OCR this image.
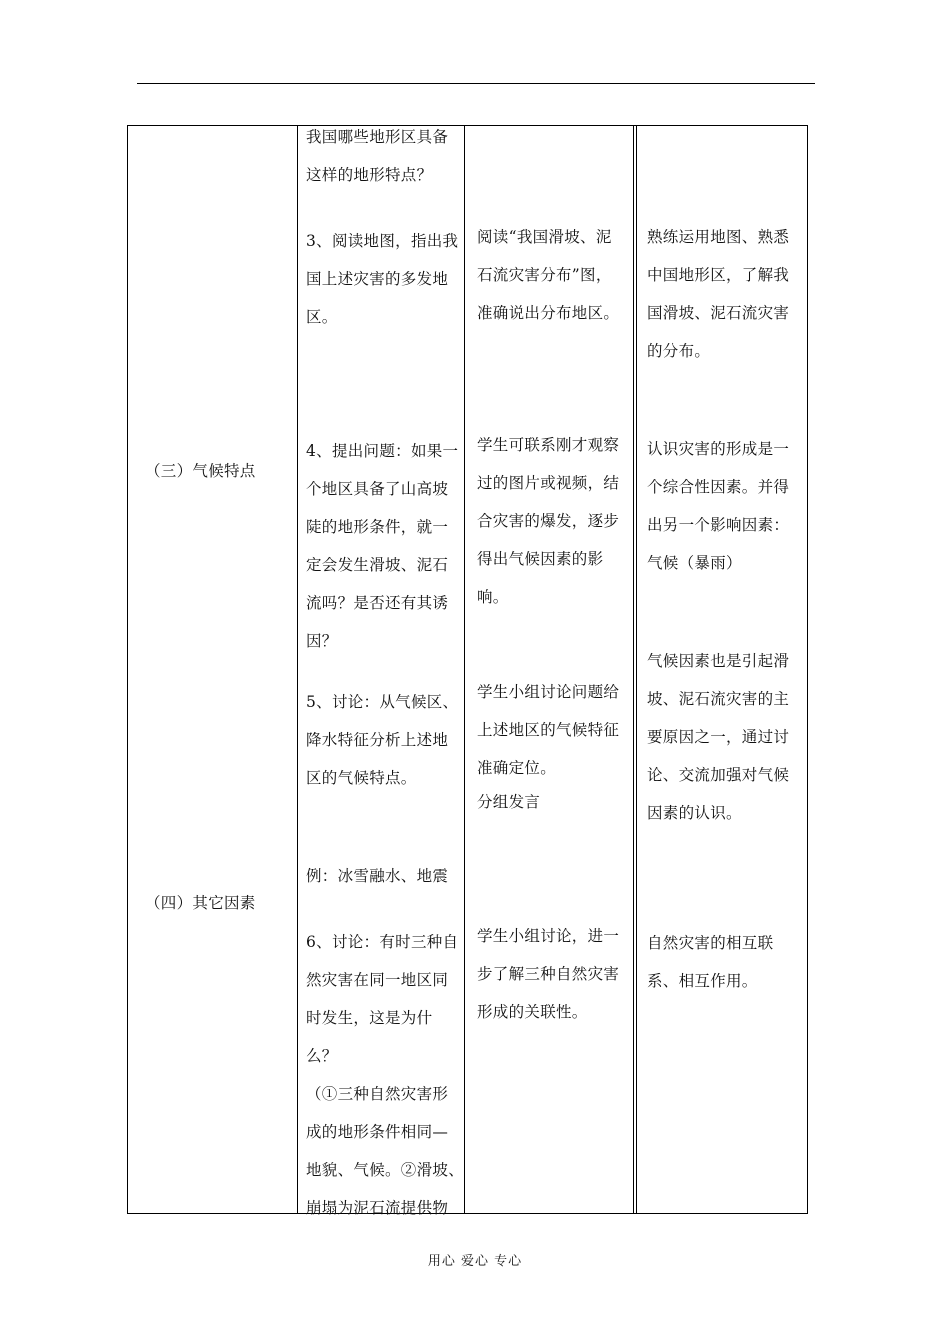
（三）气候特点
（四）其它因素
我国哪些地形区具备
这样的地形特点？
3、阅读地图，指出我
国上述灾害的多发地
区。
4、提出问题：如果一
个地区具备了山高坡
陡的地形条件，就一
定会发生滑坡、泥石
流吗？是否还有其诱
因？
5、讨论：从气候区、
降水特征分析上述地
区的气候特点。
例：冰雪融水、地震
6、讨论：有时三种自
然灾害在同一地区同
时发生，这是为什
么？
（①三种自然灾害形
成的地形条件相同—
地貌、气候。②滑坡、
崩塌为泥石流提供物
阅读“我国滑坡、泥
石流灾害分布”图，
准确说出分布地区。
学生可联系刚才观察
过的图片或视频，结
合灾害的爆发，逐步
得出气候因素的影
响。
学生小组讨论问题给
上述地区的气候特征
准确定位。
分组发言
学生小组讨论，进一
步了解三种自然灾害
形成的关联性。
熟练运用地图、熟悉
中国地形区，了解我
国滑坡、泥石流灾害
的分布。
认识灾害的形成是一
个综合性因素。并得
出另一个影响因素：
气候（暴雨）
气候因素也是引起滑
坡、泥石流灾害的主
要原因之一，通过讨
论、交流加强对气候
因素的认识。
自然灾害的相互联
系、相互作用。
用心 爱心 专心
